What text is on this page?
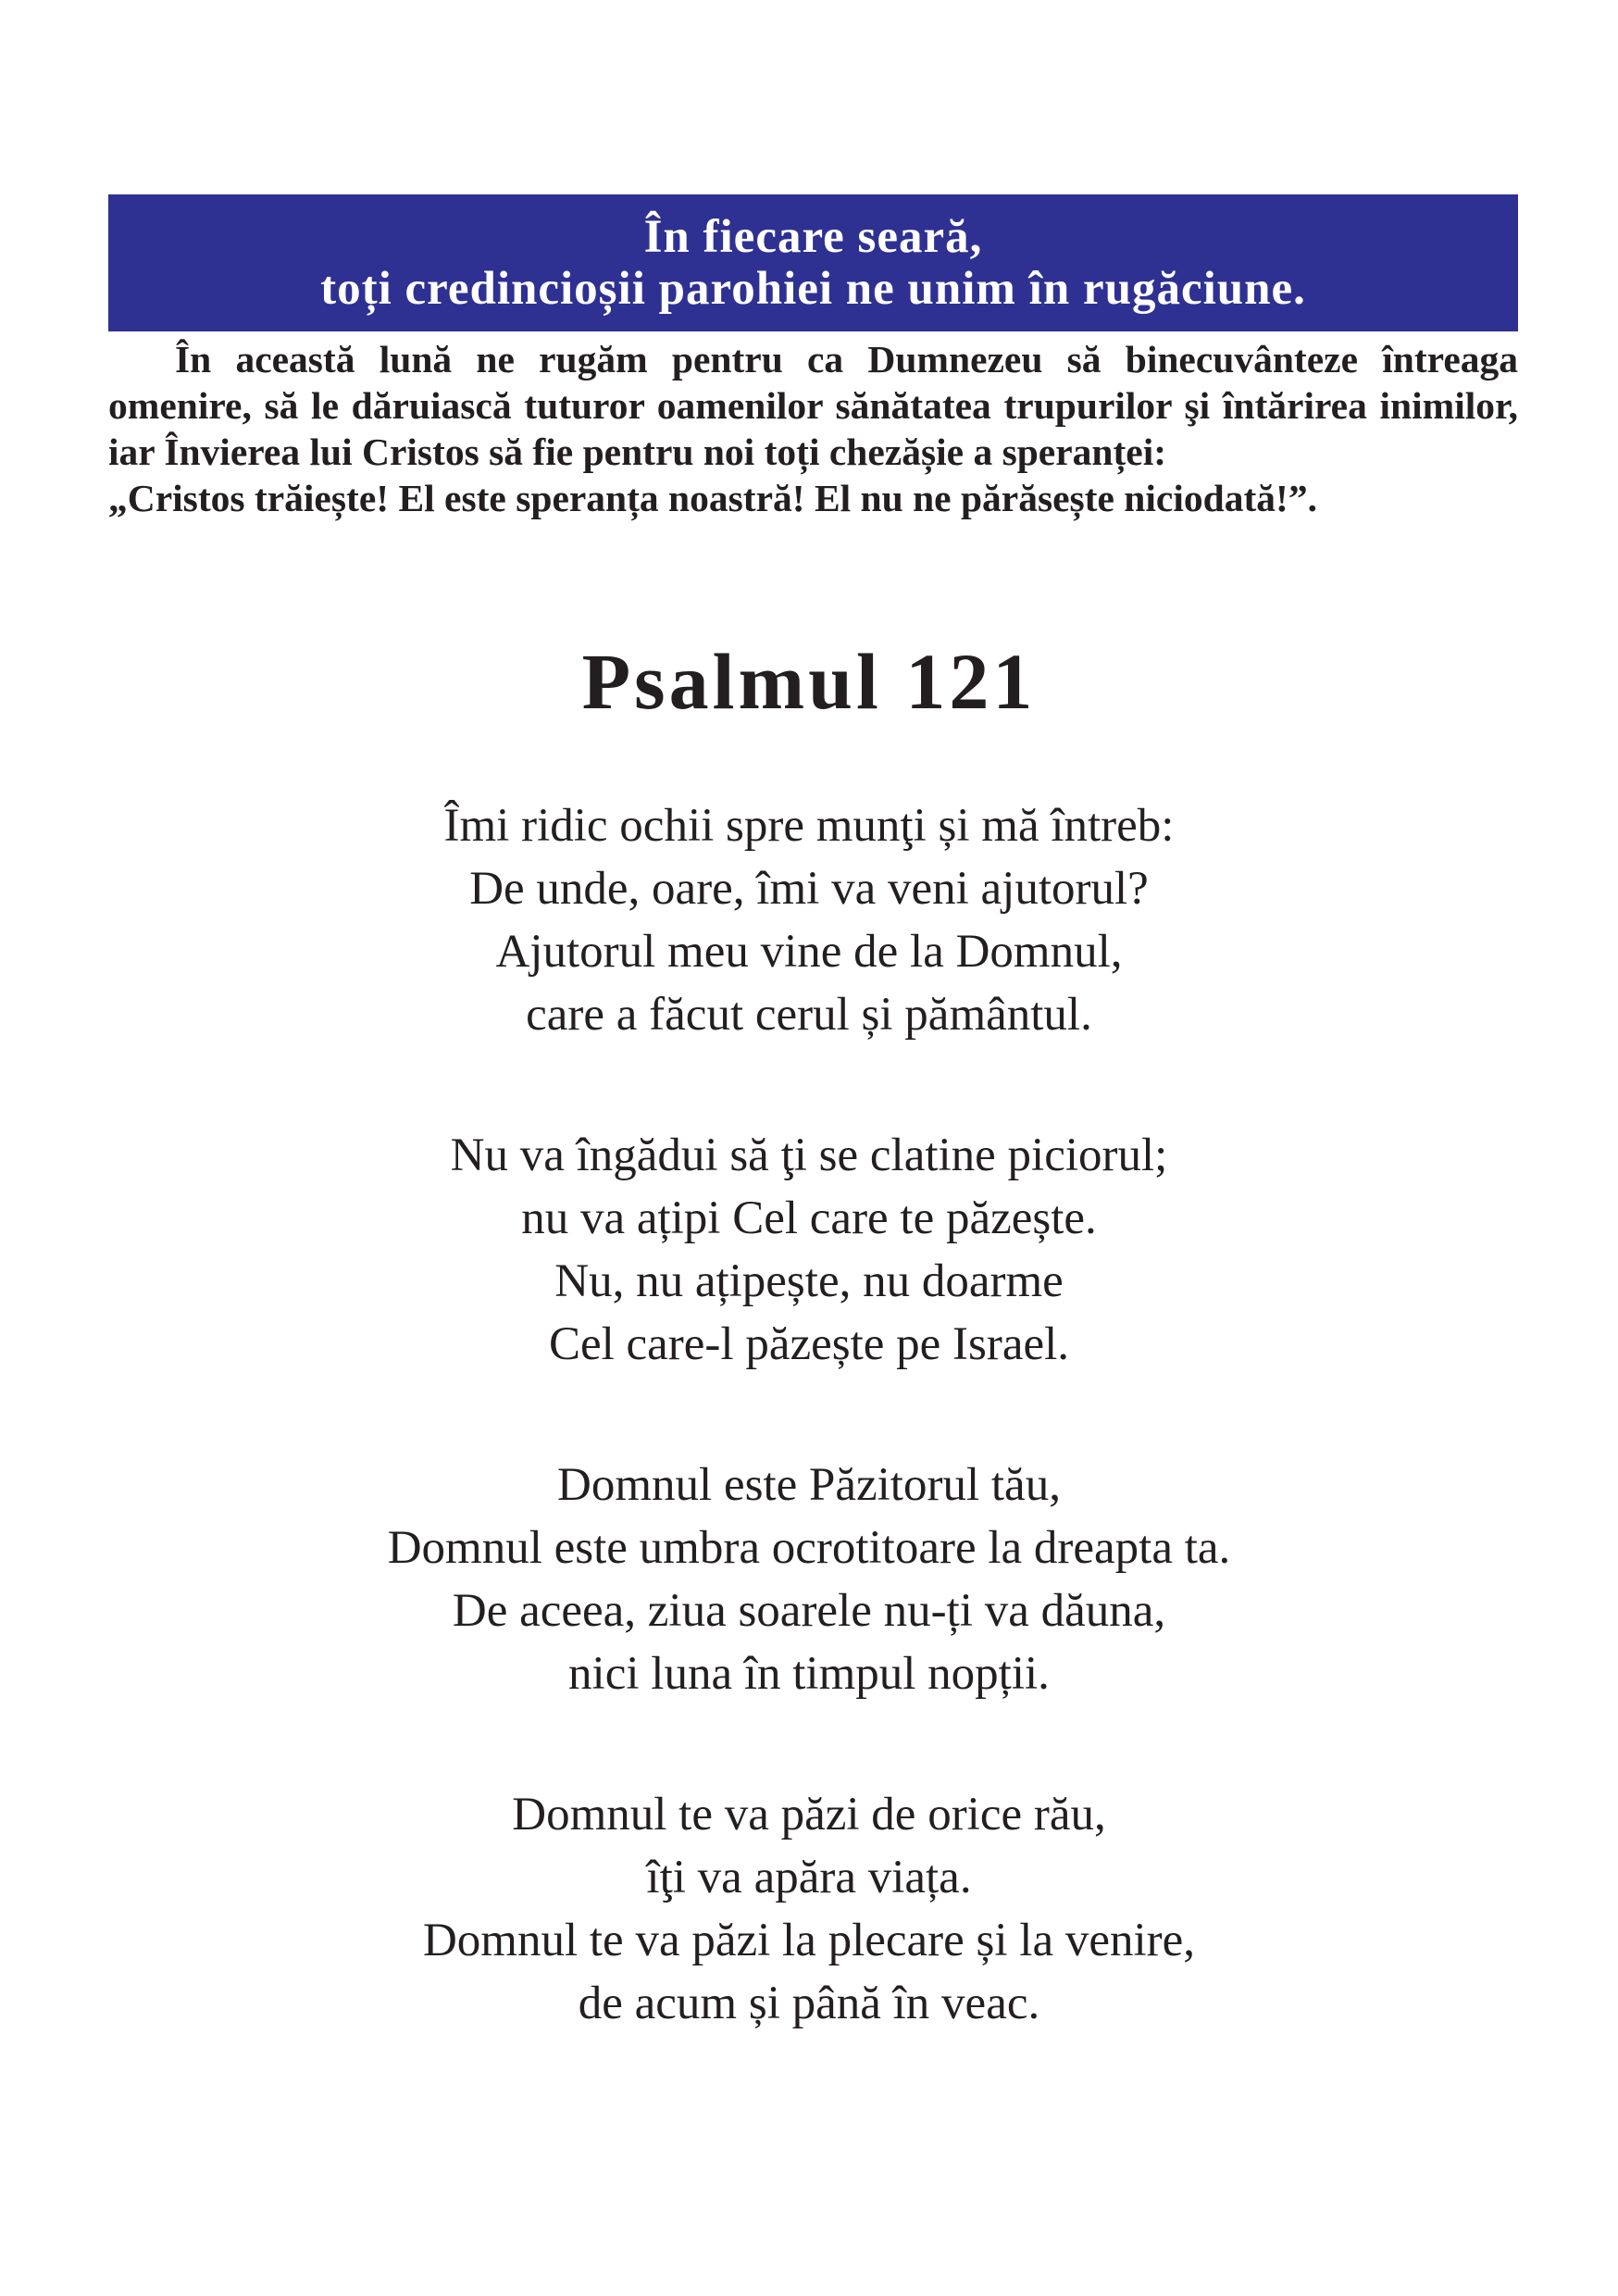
În fiecare seară,
toți credincioșii parohiei ne unim în rugăciune.

În această lună ne rugăm pentru ca Dumnezeu să binecuvânteze întreaga omenire, să le dăruiască tuturor oamenilor sănătatea trupurilor şi întărirea inimilor, iar Învierea lui Cristos să fie pentru noi toți chezășie a speranței:
„Cristos trăiește! El este speranța noastră! El nu ne părăsește niciodată!”.

Psalmul 121
Îmi ridic ochii spre munţi și mă întreb:
De unde, oare, îmi va veni ajutorul?
Ajutorul meu vine de la Domnul,
care a făcut cerul și pământul.
Nu va îngădui să ţi se clatine piciorul;
nu va ațipi Cel care te păzește.
Nu, nu ațipește, nu doarme
Cel care-l păzește pe Israel.
Domnul este Păzitorul tău,
Domnul este umbra ocrotitoare la dreapta ta.
De aceea, ziua soarele nu-ți va dăuna,
nici luna în timpul nopții.
Domnul te va păzi de orice rău,
îţi va apăra viața.
Domnul te va păzi la plecare și la venire,
de acum și până în veac.
